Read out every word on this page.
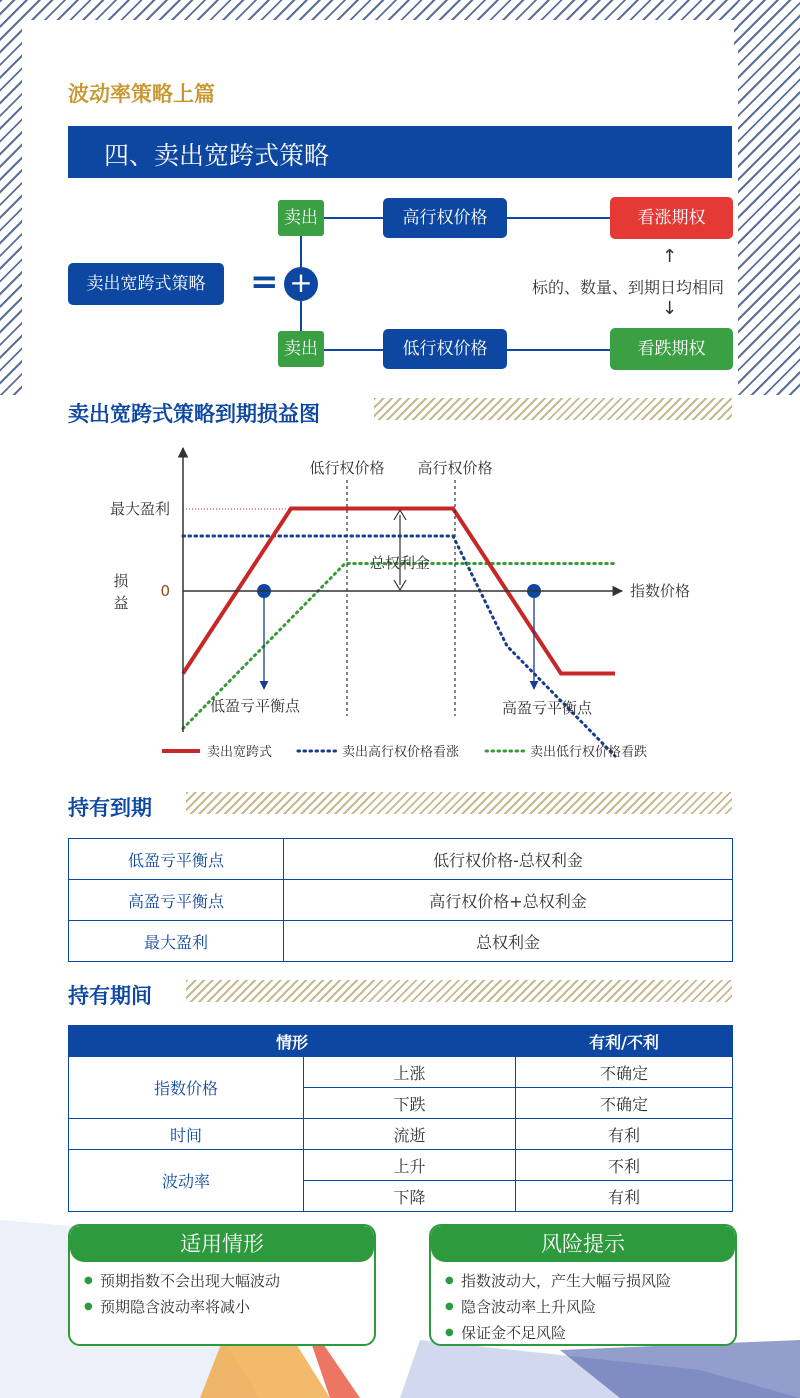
波动率策略上篇
四、卖出宽跨式策略
卖出宽跨式策略	= +
卖出
卖出
高行权价格
低行权价格
看涨期权
看跌期权
↑
标的、数量、到期日均相同
↓
卖出宽跨式策略到期损益图
低行权价格 高行权价格
最大盈利
0
损益
指数价格
总权利金
低盈亏平衡点	高盈亏平衡点
卖出宽跨式	卖出高行权价格看涨	卖出低行权价格看跌
持有到期
低盈亏平衡点	低行权价格-总权利金
高盈亏平衡点	高行权价格+总权利金
最大盈利	总权利金
持有期间
情形		有利/不利
指数价格	上涨	不确定
	下跌	不确定
时间	流逝	有利
波动率	上升	不利
	下降	有利
适用情形
● 预期指数不会出现大幅波动
● 预期隐含波动率将减小
风险提示
● 指数波动大，产生大幅亏损风险
● 隐含波动率上升风险
● 保证金不足风险
